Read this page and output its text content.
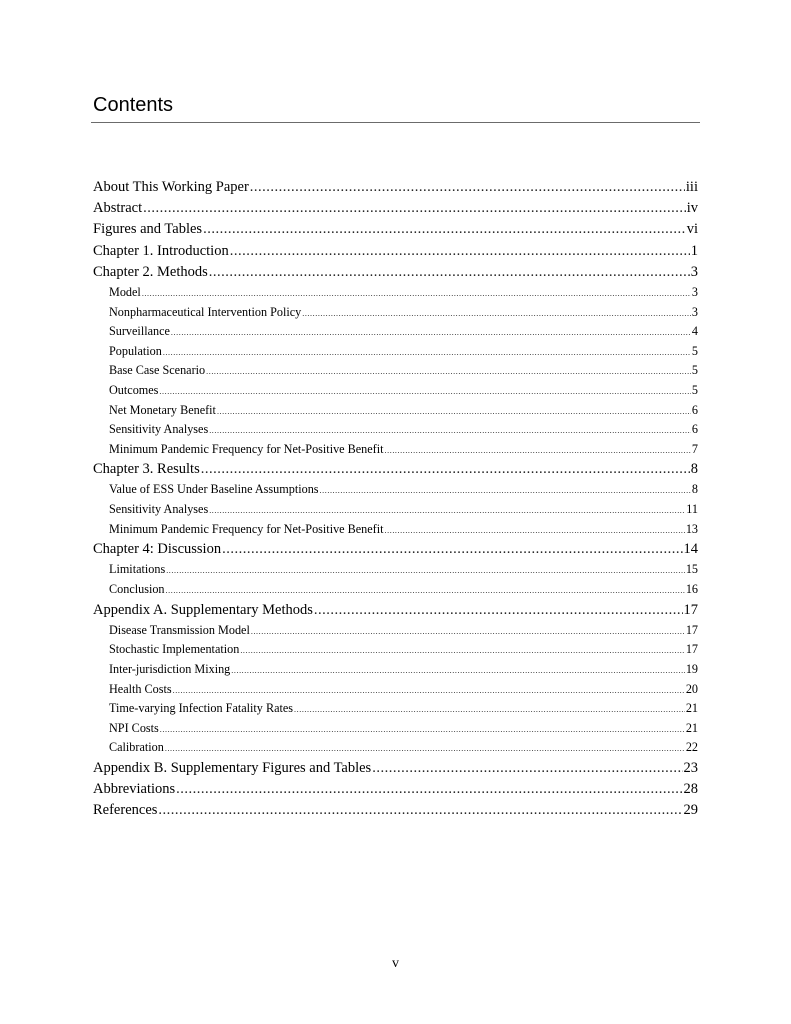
Contents
About This Working Paper .....	iii
Abstract .....	iv
Figures and Tables .....	vi
Chapter 1. Introduction .....	1
Chapter 2. Methods .....	3
Model .....	3
Nonpharmaceutical Intervention Policy .....	3
Surveillance .....	4
Population .....	5
Base Case Scenario .....	5
Outcomes .....	5
Net Monetary Benefit .....	6
Sensitivity Analyses .....	6
Minimum Pandemic Frequency for Net-Positive Benefit .....	7
Chapter 3. Results .....	8
Value of ESS Under Baseline Assumptions .....	8
Sensitivity Analyses .....	11
Minimum Pandemic Frequency for Net-Positive Benefit .....	13
Chapter 4: Discussion .....	14
Limitations .....	15
Conclusion .....	16
Appendix A. Supplementary Methods .....	17
Disease Transmission Model .....	17
Stochastic Implementation .....	17
Inter-jurisdiction Mixing .....	19
Health Costs .....	20
Time-varying Infection Fatality Rates .....	21
NPI Costs .....	21
Calibration .....	22
Appendix B. Supplementary Figures and Tables .....	23
Abbreviations .....	28
References .....	29
v
